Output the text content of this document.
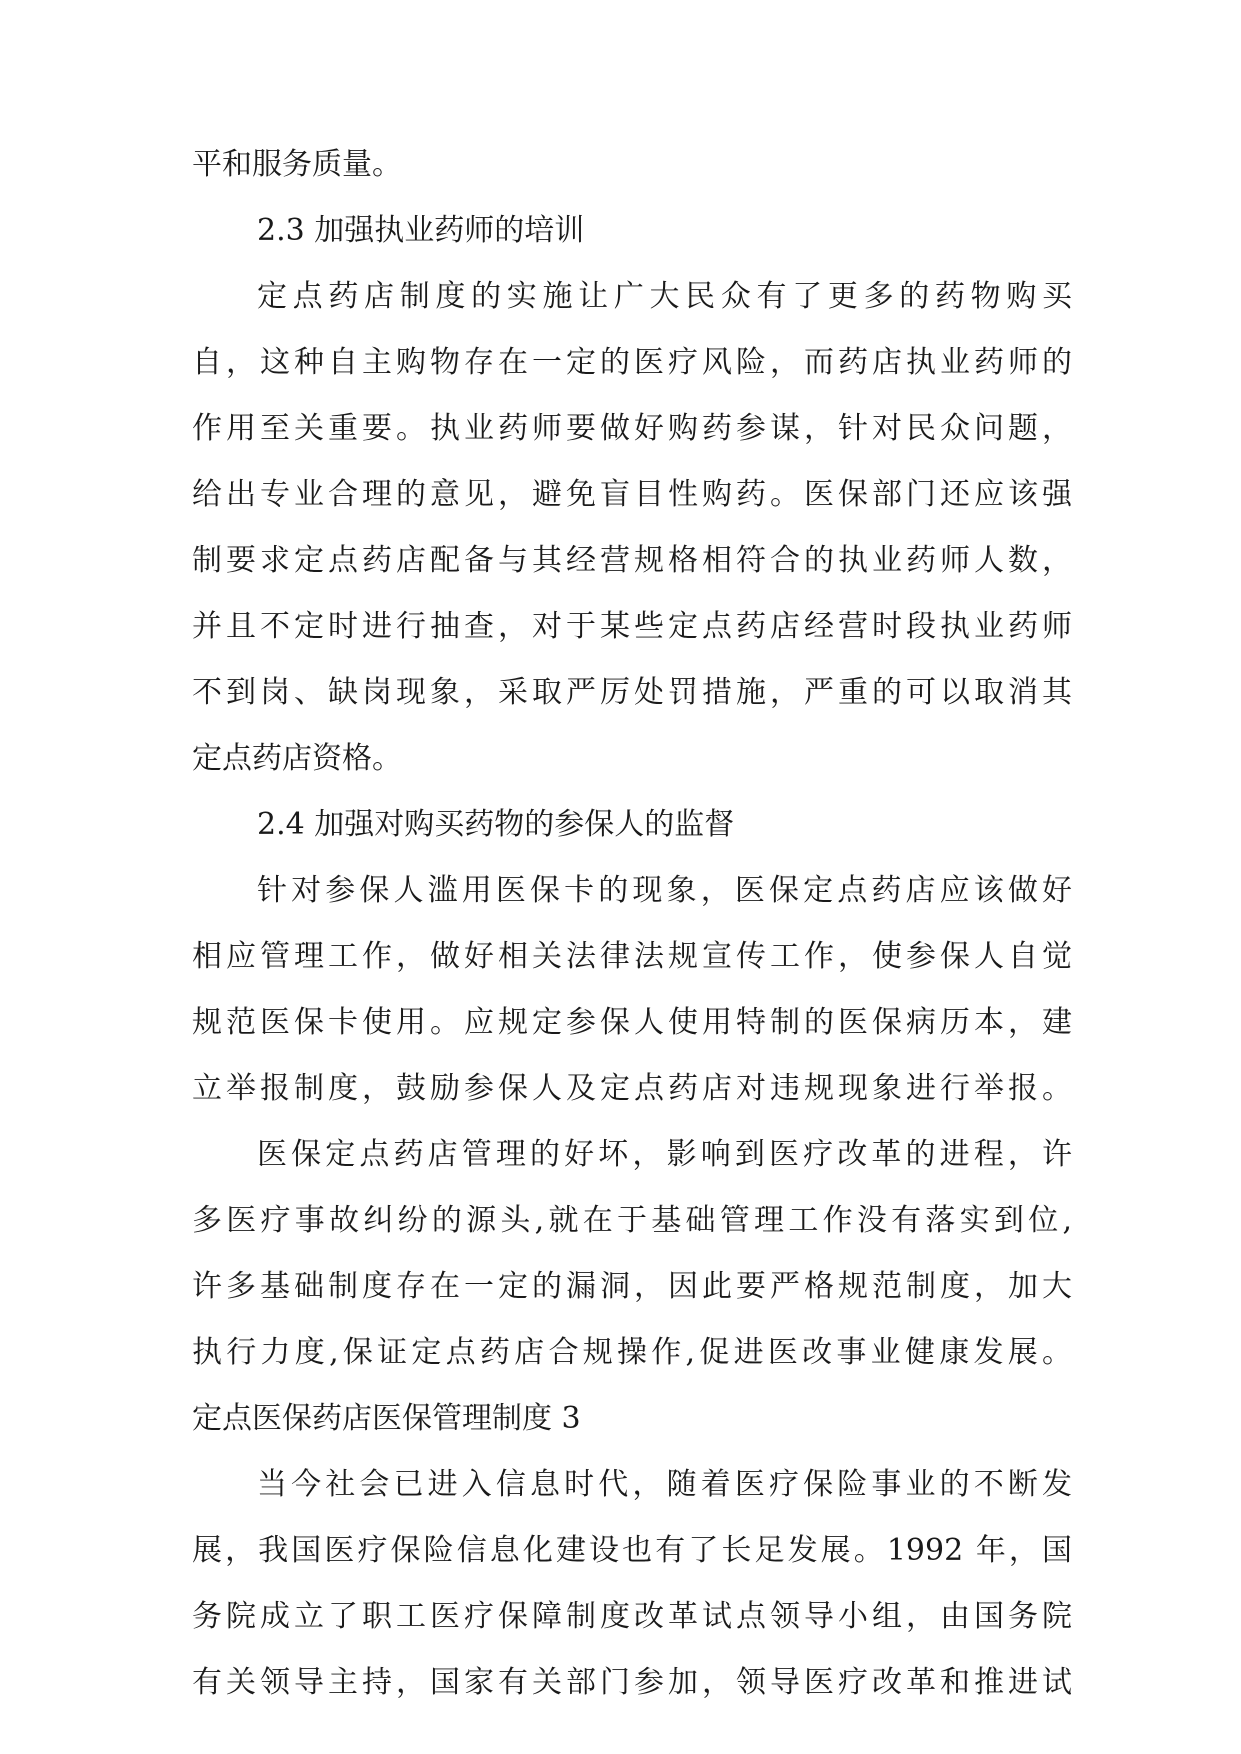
平和服务质量。

2.3 加强执业药师的培训

定点药店制度的实施让广大民众有了更多的药物购买

自，这种自主购物存在一定的医疗风险，而药店执业药师的

作用至关重要。执业药师要做好购药参谋，针对民众问题，

给出专业合理的意见，避免盲目性购药。医保部门还应该强

制要求定点药店配备与其经营规格相符合的执业药师人数，

并且不定时进行抽查，对于某些定点药店经营时段执业药师

不到岗、缺岗现象，采取严厉处罚措施，严重的可以取消其

定点药店资格。

2.4 加强对购买药物的参保人的监督

针对参保人滥用医保卡的现象，医保定点药店应该做好

相应管理工作，做好相关法律法规宣传工作，使参保人自觉

规范医保卡使用。应规定参保人使用特制的医保病历本，建

立举报制度，鼓励参保人及定点药店对违规现象进行举报。

医保定点药店管理的好坏，影响到医疗改革的进程，许

多医疗事故纠纷的源头,就在于基础管理工作没有落实到位,

许多基础制度存在一定的漏洞，因此要严格规范制度，加大

执行力度,保证定点药店合规操作,促进医改事业健康发展。

定点医保药店医保管理制度 3

当今社会已进入信息时代，随着医疗保险事业的不断发

展，我国医疗保险信息化建设也有了长足发展。1992 年，国

务院成立了职工医疗保障制度改革试点领导小组，由国务院

有关领导主持，国家有关部门参加，领导医疗改革和推进试
